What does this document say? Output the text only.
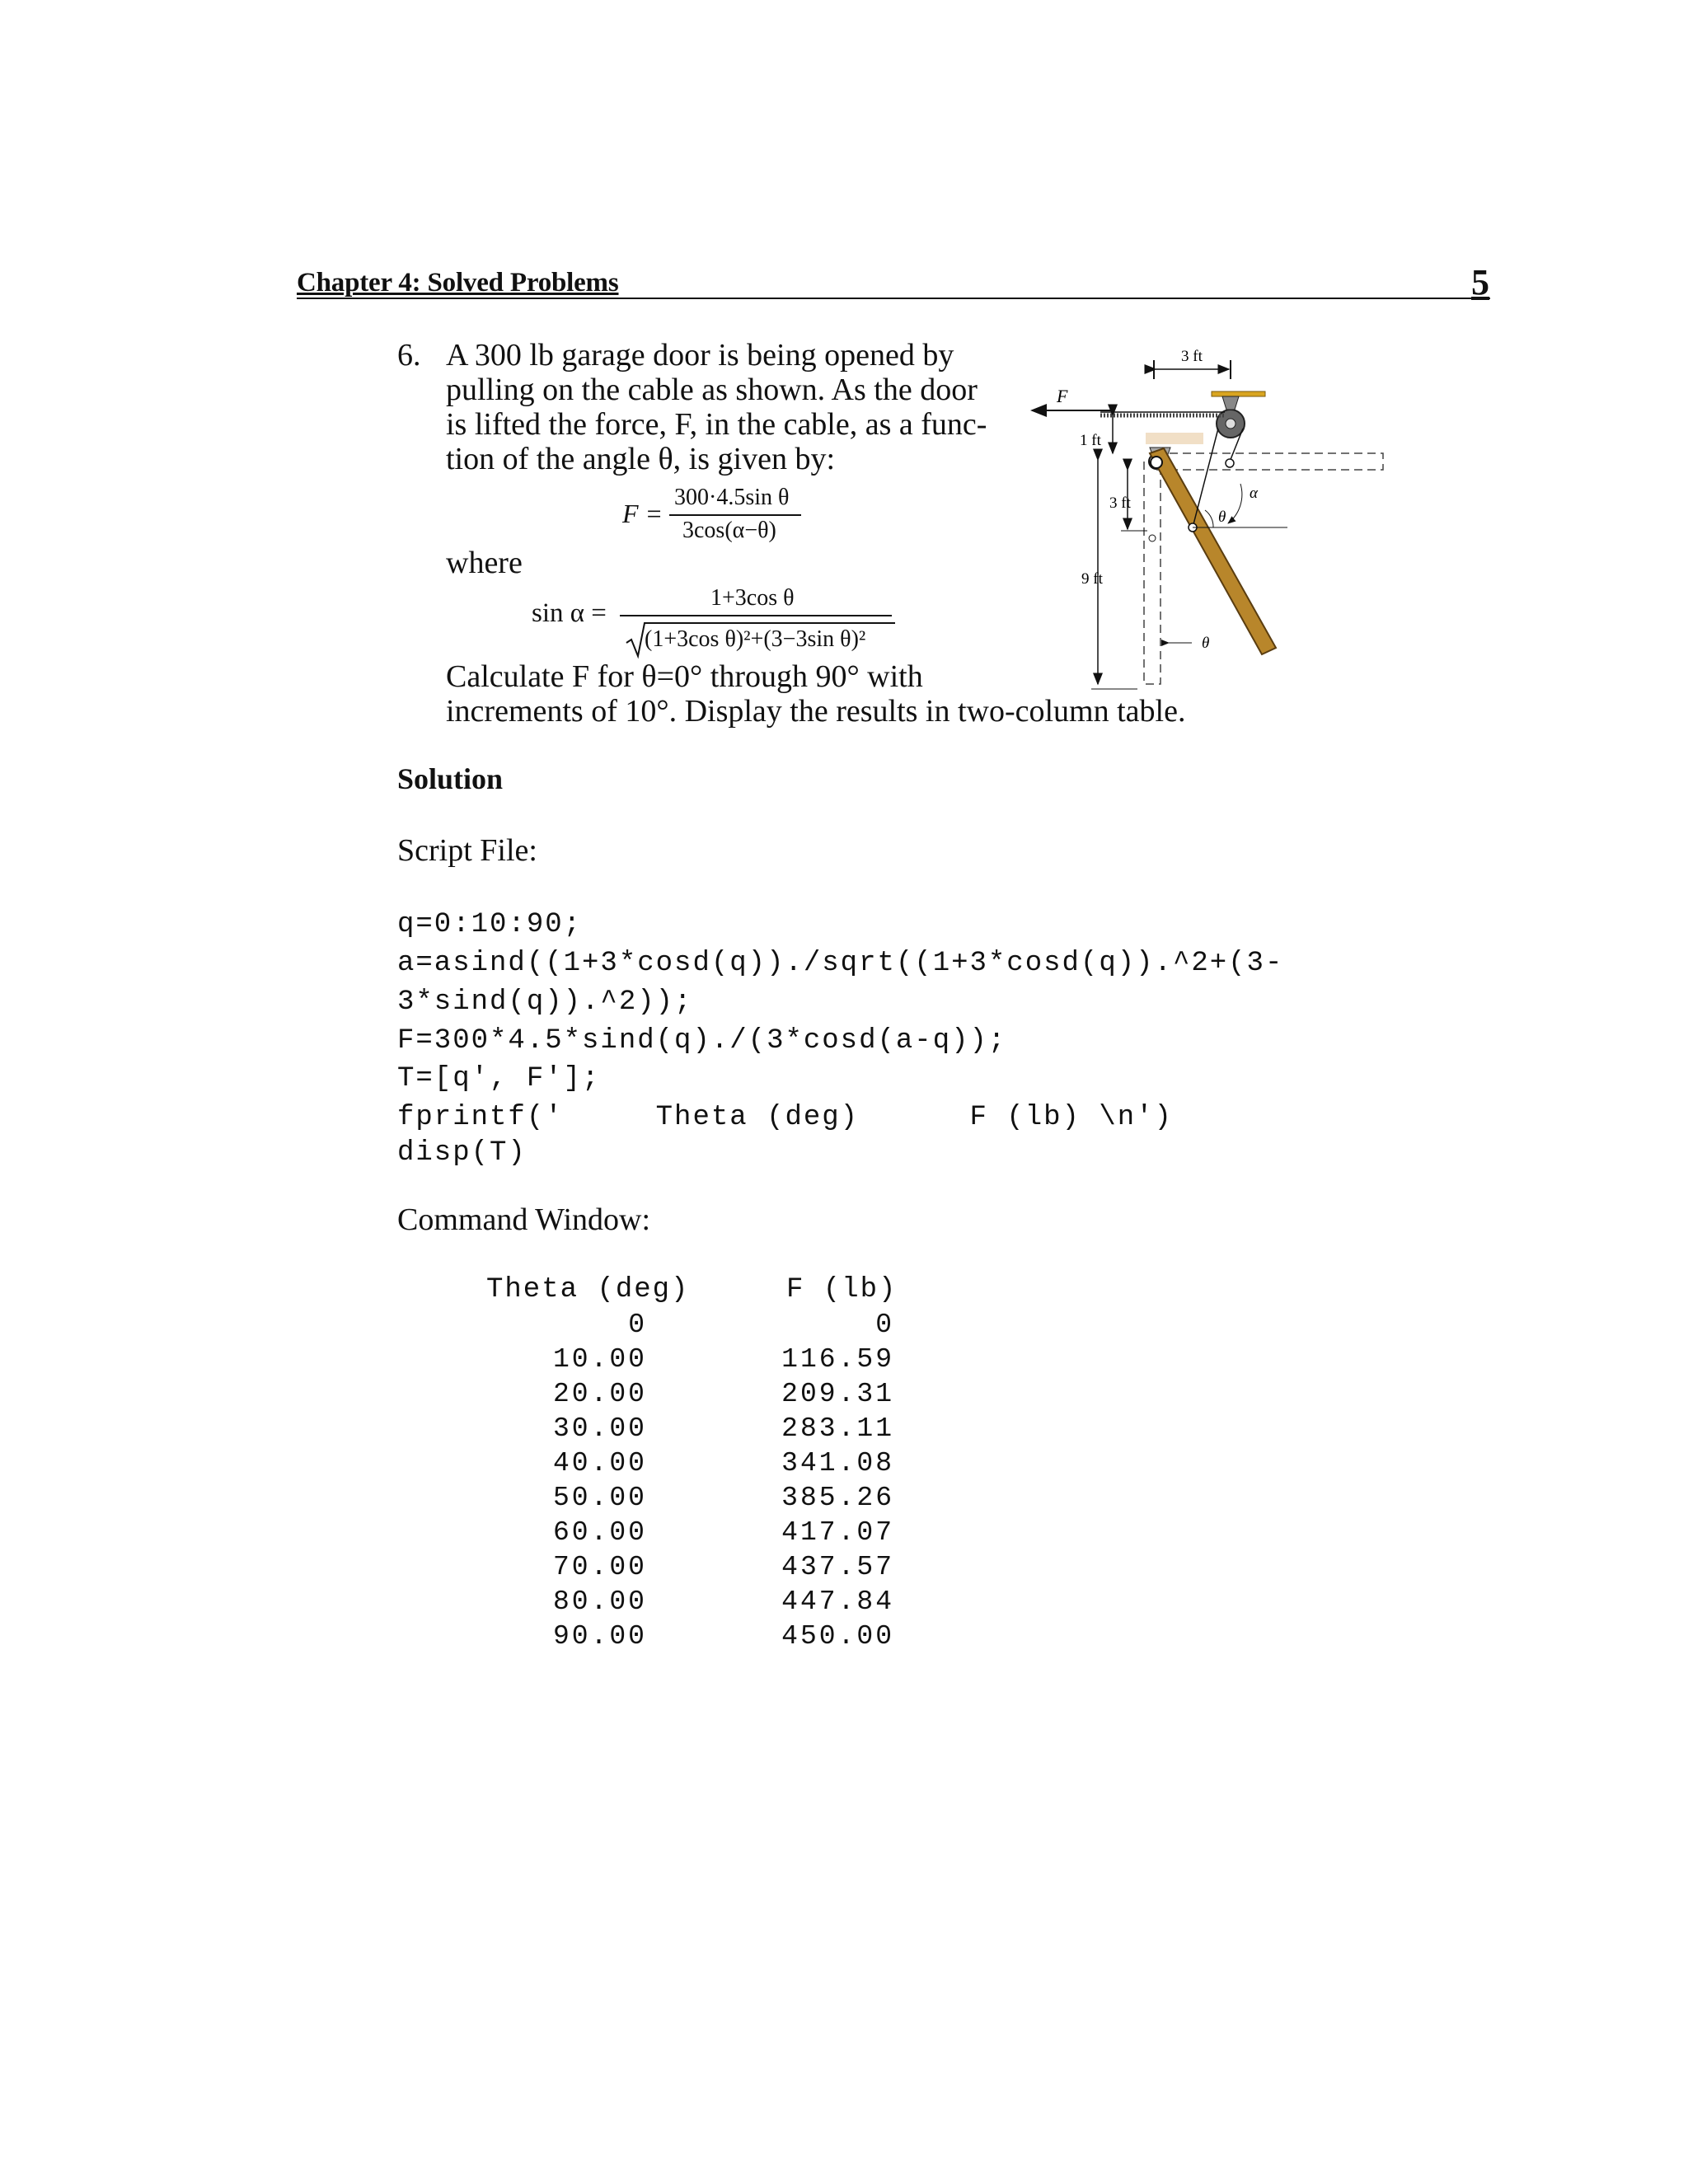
Chapter 4: Solved Problems	5
6. A 300 lb garage door is being opened by
pulling on the cable as shown. As the door
is lifted the force, F, in the cable, as a func-
tion of the angle θ, is given by:
F =
300·4.5sin θ
3cos(α−θ)
where
sin α =
1+3cos θ
(1+3cos θ)²+(3−3sin θ)²
Calculate F for θ=0° through 90° with
increments of 10°. Display the results in two-column table.
3 ft
F
α
θ
1 ft
3 ft
9 ft
θ
Solution
Script File:
q=0:10:90;
a=asind((1+3*cosd(q))./sqrt((1+3*cosd(q)).^2+(3-
3*sind(q)).^2));
F=300*4.5*sind(q)./(3*cosd(a-q));
T=[q', F'];
fprintf('     Theta (deg)      F (lb) \n')
disp(T)
Command Window:
Theta (deg)	F (lb)
0	0
10.00	116.59
20.00	209.31
30.00	283.11
40.00	341.08
50.00	385.26
60.00	417.07
70.00	437.57
80.00	447.84
90.00	450.00
